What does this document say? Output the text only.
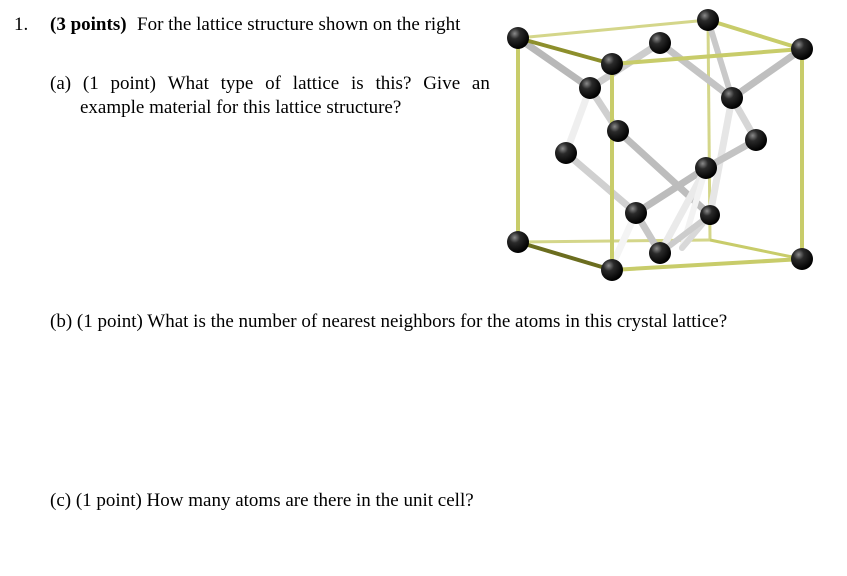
1. (3 points) For the lattice structure shown on the right
(a) (1 point) What type of lattice is this? Give an
example material for this lattice structure?
(b) (1 point) What is the number of nearest neighbors for the atoms in this crystal lattice?
(c) (1 point) How many atoms are there in the unit cell?
